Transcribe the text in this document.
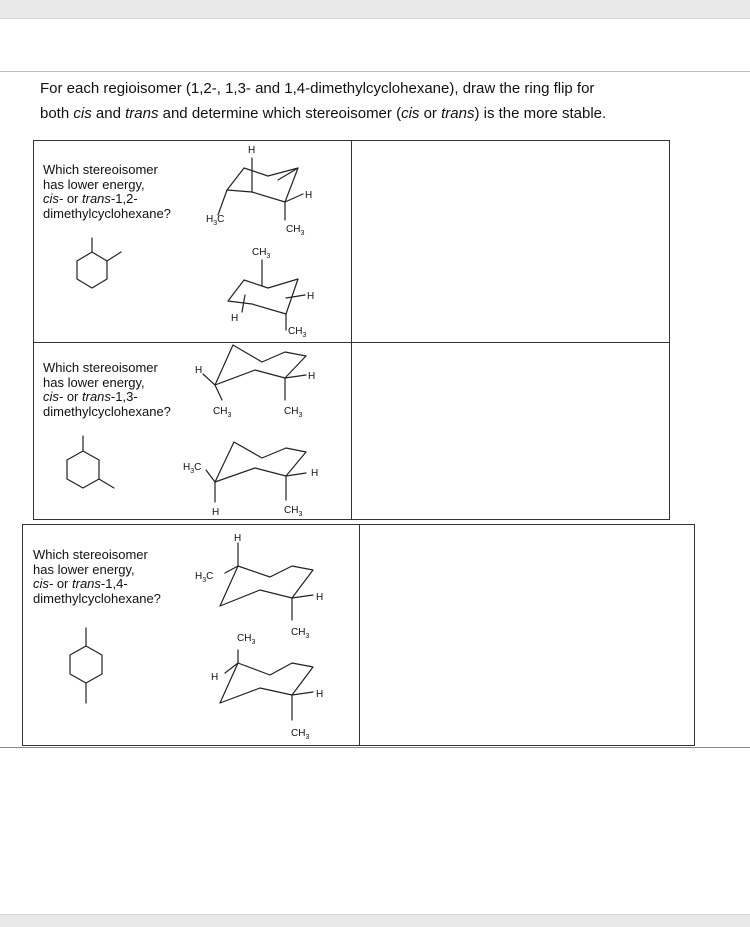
For each regioisomer (1,2-, 1,3- and 1,4-dimethylcyclohexane), draw the ring flip for
both cis and trans and determine which stereoisomer (cis or trans) is the more stable.
Which stereoisomer
has lower energy,
cis- or trans-1,2-
dimethylcyclohexane?
Which stereoisomer
has lower energy,
cis- or trans-1,3-
dimethylcyclohexane?
Which stereoisomer
has lower energy,
cis- or trans-1,4-
dimethylcyclohexane?
H
H
$H_3C$
$CH_3$
$CH_3$
H
H
$CH_3$
H
H
$CH_3$	$CH_3$
$H_3C$
H
H	$CH_3$
H
$H_3C$
H
$CH_3$
$CH_3$
H
H
$CH_3$
